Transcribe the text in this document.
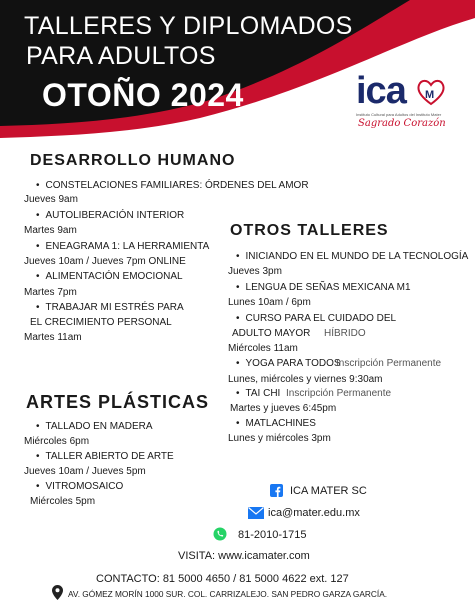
TALLERES Y DIPLOMADOS
PARA ADULTOS
OTOÑO 2024	ica M
Instituto Cultural para Adultos del Instituto Mater
Sagrado Corazón
DESARROLLO HUMANO
• CONSTELACIONES FAMILIARES: ÓRDENES DEL AMOR
Jueves 9am
• AUTOLIBERACIÓN INTERIOR
Martes 9am
• ENEAGRAMA 1: LA HERRAMIENTA
Jueves 10am / Jueves 7pm ONLINE
• ALIMENTACIÓN EMOCIONAL
Martes 7pm
• TRABAJAR MI ESTRÉS PARA
EL CRECIMIENTO PERSONAL
Martes 11am
OTROS TALLERES
• INICIANDO EN EL MUNDO DE LA TECNOLOGÍA
Jueves 3pm
• LENGUA DE SEÑAS MEXICANA M1
Lunes 10am / 6pm
• CURSO PARA EL CUIDADO DEL
ADULTO MAYOR HÍBRIDO
Miércoles 11am
• YOGA PARA TODOS
Inscripción Permanente
Lunes, miércoles y viernes 9:30am
• TAI CHI Inscripción Permanente
Martes y jueves 6:45pm
• MATLACHINES
Lunes y miércoles 3pm
ARTES PLÁSTICAS
• TALLADO EN MADERA
Miércoles 6pm
• TALLER ABIERTO DE ARTE
Jueves 10am / Jueves 5pm
• VITROMOSAICO
Miércoles 5pm
ICA MATER SC
ica@mater.edu.mx
81-2010-1715
VISITA: www.icamater.com
CONTACTO: 81 5000 4650 / 81 5000 4622 ext. 127
AV. GÓMEZ MORÍN 1000 SUR. COL. CARRIZALEJO. SAN PEDRO GARZA GARCÍA.
